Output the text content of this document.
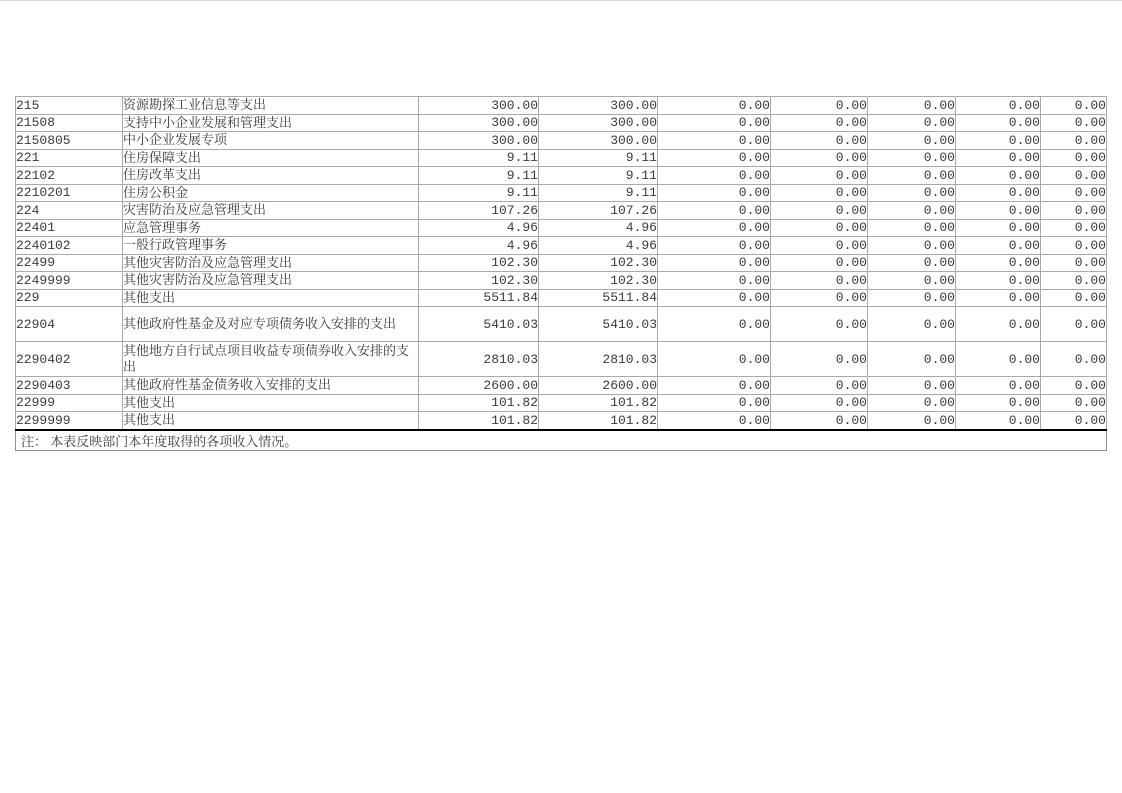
215	资源勘探工业信息等支出	300.00	300.00	0.00	0.00	0.00	0.00	0.00
21508	支持中小企业发展和管理支出	300.00	300.00	0.00	0.00	0.00	0.00	0.00
2150805	中小企业发展专项	300.00	300.00	0.00	0.00	0.00	0.00	0.00
221	住房保障支出	9.11	9.11	0.00	0.00	0.00	0.00	0.00
22102	住房改革支出	9.11	9.11	0.00	0.00	0.00	0.00	0.00
2210201	住房公积金	9.11	9.11	0.00	0.00	0.00	0.00	0.00
224	灾害防治及应急管理支出	107.26	107.26	0.00	0.00	0.00	0.00	0.00
22401	应急管理事务	4.96	4.96	0.00	0.00	0.00	0.00	0.00
2240102	一般行政管理事务	4.96	4.96	0.00	0.00	0.00	0.00	0.00
22499	其他灾害防治及应急管理支出	102.30	102.30	0.00	0.00	0.00	0.00	0.00
2249999	其他灾害防治及应急管理支出	102.30	102.30	0.00	0.00	0.00	0.00	0.00
229	其他支出	5511.84	5511.84	0.00	0.00	0.00	0.00	0.00
22904	其他政府性基金及对应专项债务收入安排的支出	5410.03	5410.03	0.00	0.00	0.00	0.00	0.00
2290402	其他地方自行试点项目收益专项债券收入安排的支出	2810.03	2810.03	0.00	0.00	0.00	0.00	0.00
2290403	其他政府性基金债务收入安排的支出	2600.00	2600.00	0.00	0.00	0.00	0.00	0.00
22999	其他支出	101.82	101.82	0.00	0.00	0.00	0.00	0.00
2299999	其他支出	101.82	101.82	0.00	0.00	0.00	0.00	0.00
注： 本表反映部门本年度取得的各项收入情况。								
